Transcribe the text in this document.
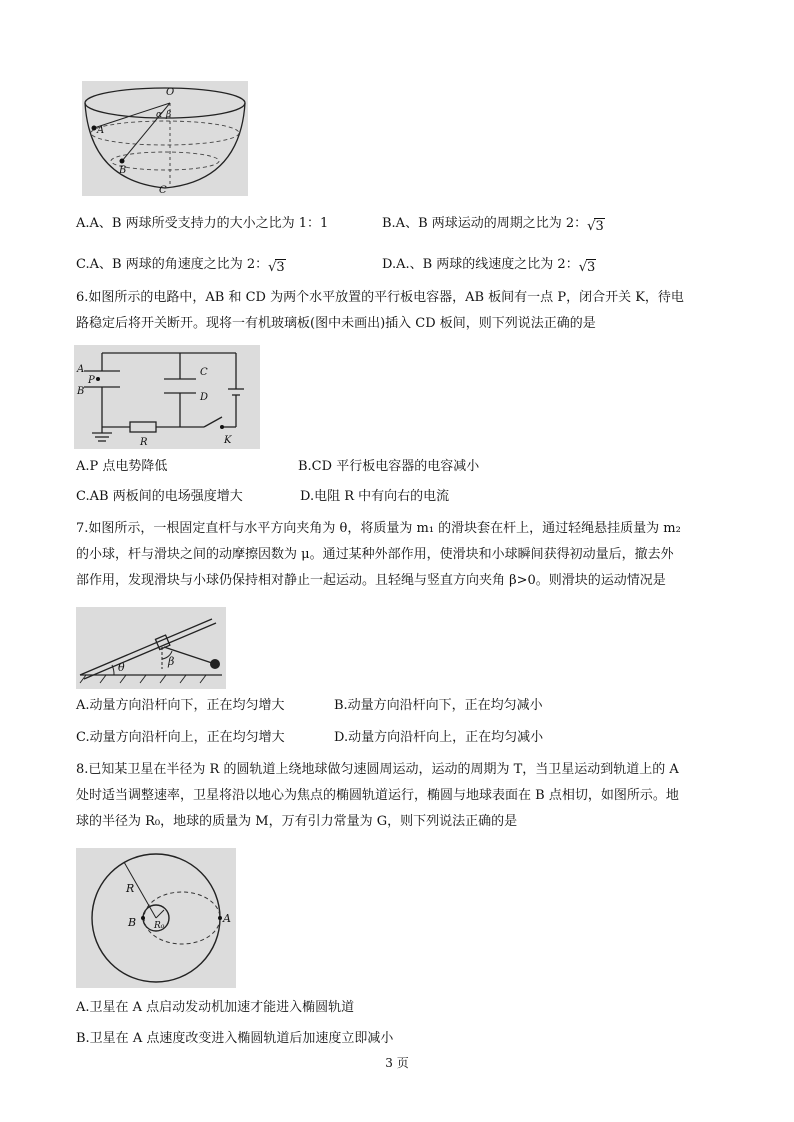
O
A
B
C
α β
A.A、B 两球所受支持力的大小之比为 1：1	B.A、B 两球运动的周期之比为 2：√3
C.A、B 两球的角速度之比为 2：√3	D.A.、B 两球的线速度之比为 2：√3
6.如图所示的电路中，AB 和 CD 为两个水平放置的平行板电容器，AB 板间有一点 P，闭合开关 K，待电
路稳定后将开关断开。现将一有机玻璃板(图中未画出)插入 CD 板间，则下列说法正确的是
A
B
P
C
D
R	K
A.P 点电势降低	B.CD 平行板电容器的电容减小
C.AB 两板间的电场强度增大	D.电阻 R 中有向右的电流
7.如图所示，一根固定直杆与水平方向夹角为 θ，将质量为 m₁ 的滑块套在杆上，通过轻绳悬挂质量为 m₂
的小球，杆与滑块之间的动摩擦因数为 μ。通过某种外部作用，使滑块和小球瞬间获得初动量后，撤去外
部作用，发现滑块与小球仍保持相对静止一起运动。且轻绳与竖直方向夹角 β>0。则滑块的运动情况是
θ	β
A.动量方向沿杆向下，正在均匀增大	B.动量方向沿杆向下，正在均匀减小
C.动量方向沿杆向上，正在均匀增大	D.动量方向沿杆向上，正在均匀减小
8.已知某卫星在半径为 R 的圆轨道上绕地球做匀速圆周运动，运动的周期为 T，当卫星运动到轨道上的 A
处时适当调整速率，卫星将沿以地心为焦点的椭圆轨道运行，椭圆与地球表面在 B 点相切，如图所示。地
球的半径为 R₀，地球的质量为 M，万有引力常量为 G，则下列说法正确的是
R
R₀
A
B
A.卫星在 A 点启动发动机加速才能进入椭圆轨道
B.卫星在 A 点速度改变进入椭圆轨道后加速度立即减小
3 页
